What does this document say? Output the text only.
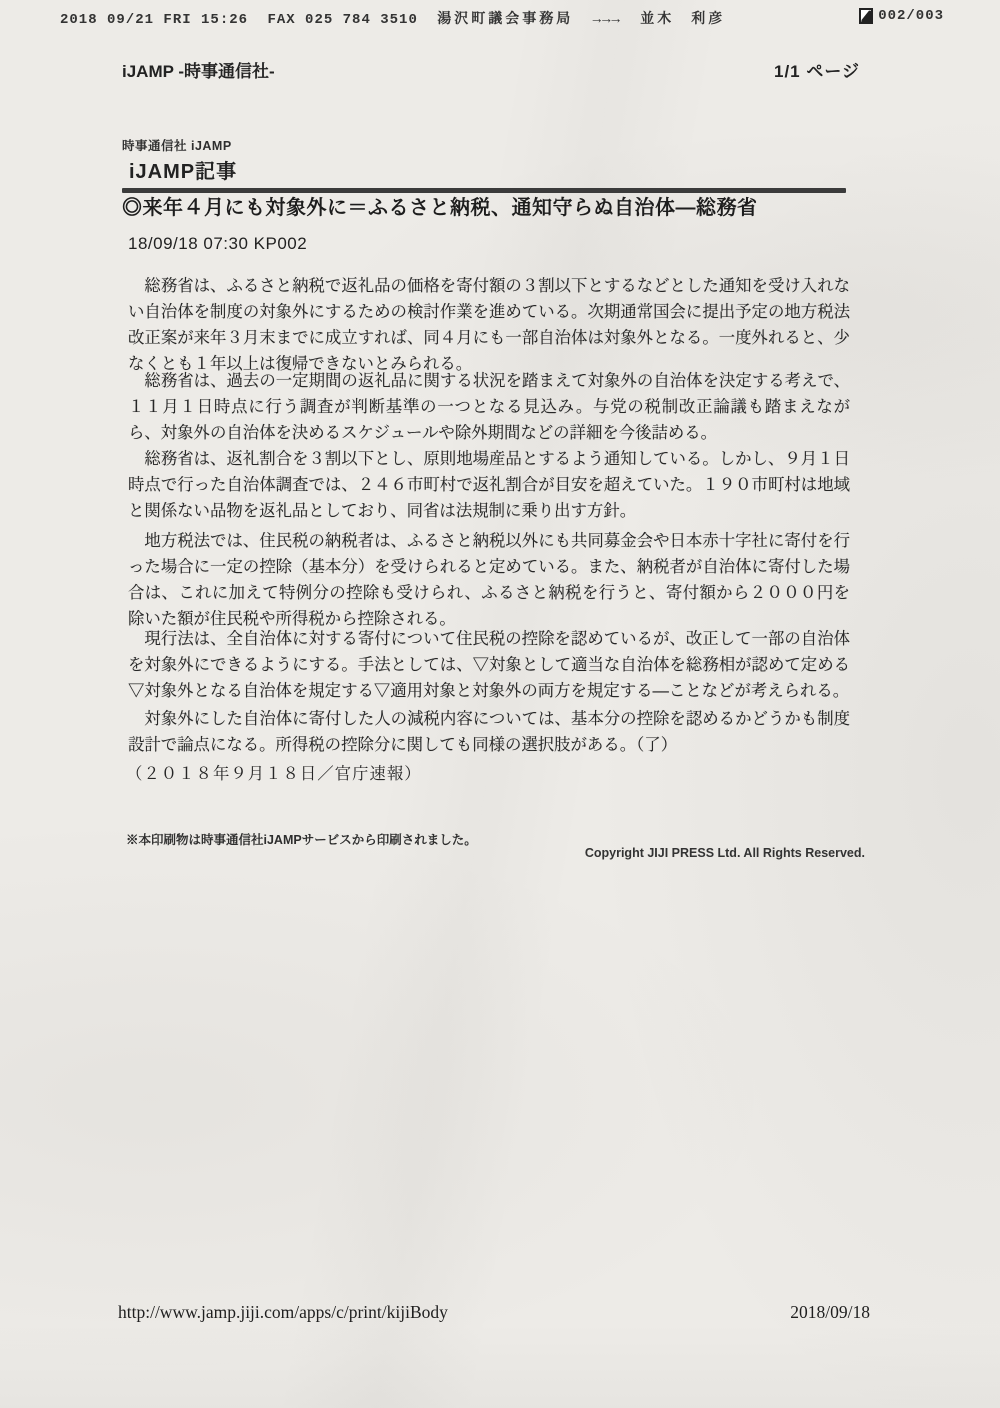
2018 09/21 FRI 15:26 FAX 025 784 3510 湯沢町議会事務局 →→→ 並木　利彦	002/003
iJAMP -時事通信社-	1/1 ページ
時事通信社 iJAMP
iJAMP記事
◎来年４月にも対象外に＝ふるさと納税、通知守らぬ自治体―総務省
18/09/18 07:30 KP002

　総務省は、ふるさと納税で返礼品の価格を寄付額の３割以下とするなどとした通知を受け入れない自治体を制度の対象外にするための検討作業を進めている。次期通常国会に提出予定の地方税法改正案が来年３月末までに成立すれば、同４月にも一部自治体は対象外となる。一度外れると、少なくとも１年以上は復帰できないとみられる。

　総務省は、過去の一定期間の返礼品に関する状況を踏まえて対象外の自治体を決定する考えで、１１月１日時点に行う調査が判断基準の一つとなる見込み。与党の税制改正論議も踏まえながら、対象外の自治体を決めるスケジュールや除外期間などの詳細を今後詰める。

　総務省は、返礼割合を３割以下とし、原則地場産品とするよう通知している。しかし、９月１日時点で行った自治体調査では、２４６市町村で返礼割合が目安を超えていた。１９０市町村は地域と関係ない品物を返礼品としており、同省は法規制に乗り出す方針。

　地方税法では、住民税の納税者は、ふるさと納税以外にも共同募金会や日本赤十字社に寄付を行った場合に一定の控除（基本分）を受けられると定めている。また、納税者が自治体に寄付した場合は、これに加えて特例分の控除も受けられ、ふるさと納税を行うと、寄付額から２０００円を除いた額が住民税や所得税から控除される。

　現行法は、全自治体に対する寄付について住民税の控除を認めているが、改正して一部の自治体を対象外にできるようにする。手法としては、▽対象として適当な自治体を総務相が認めて定める▽対象外となる自治体を規定する▽適用対象と対象外の両方を規定する―ことなどが考えられる。

　対象外にした自治体に寄付した人の減税内容については、基本分の控除を認めるかどうかも制度設計で論点になる。所得税の控除分に関しても同様の選択肢がある。（了）

（２０１８年９月１８日／官庁速報）
※本印刷物は時事通信社iJAMPサービスから印刷されました。
Copyright JIJI PRESS Ltd. All Rights Reserved.
http://www.jamp.jiji.com/apps/c/print/kijiBody	2018/09/18
